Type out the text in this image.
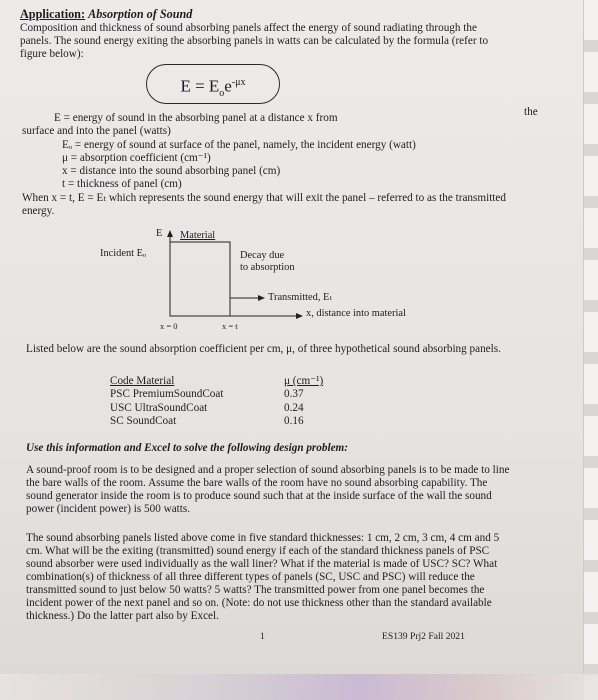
Application: Absorption of Sound
Composition and thickness of sound absorbing panels affect the energy of sound radiating through the
panels. The sound energy exiting the absorbing panels in watts can be calculated by the formula (refer to
figure below):
$E = E_oe^{-\mu x}$
the
E = energy of sound in the absorbing panel at a distance x from
surface and into the panel (watts)
Eₒ = energy of sound at surface of the panel, namely, the incident energy (watt)
μ = absorption coefficient (cm⁻¹)
x = distance into the sound absorbing panel (cm)
t = thickness of panel (cm)
When x = t, E = Eₜ which represents the sound energy that will exit the panel – referred to as the transmitted
energy.
E Material
Incident Eₒ	Decay due
to absorption
Transmitted, Eₜ
x, distance into material
x = 0	x = t
Listed below are the sound absorption coefficient per cm, μ, of three hypothetical sound absorbing panels.
Code Material	μ (cm⁻¹)
PSC PremiumSoundCoat	0.37
USC UltraSoundCoat	0.24
SC SoundCoat	0.16
Use this information and Excel to solve the following design problem:
A sound-proof room is to be designed and a proper selection of sound absorbing panels is to be made to line
the bare walls of the room. Assume the bare walls of the room have no sound absorbing capability. The
sound generator inside the room is to produce sound such that at the inside surface of the wall the sound
power (incident power) is 500 watts.
The sound absorbing panels listed above come in five standard thicknesses: 1 cm, 2 cm, 3 cm, 4 cm and 5
cm. What will be the exiting (transmitted) sound energy if each of the standard thickness panels of PSC
sound absorber were used individually as the wall liner? What if the material is made of USC? SC? What
combination(s) of thickness of all three different types of panels (SC, USC and PSC) will reduce the
transmitted sound to just below 50 watts? 5 watts? The transmitted power from one panel becomes the
incident power of the next panel and so on. (Note: do not use thickness other than the standard available
thickness.) Do the latter part also by Excel.
1	ES139 Prj2 Fall 2021
